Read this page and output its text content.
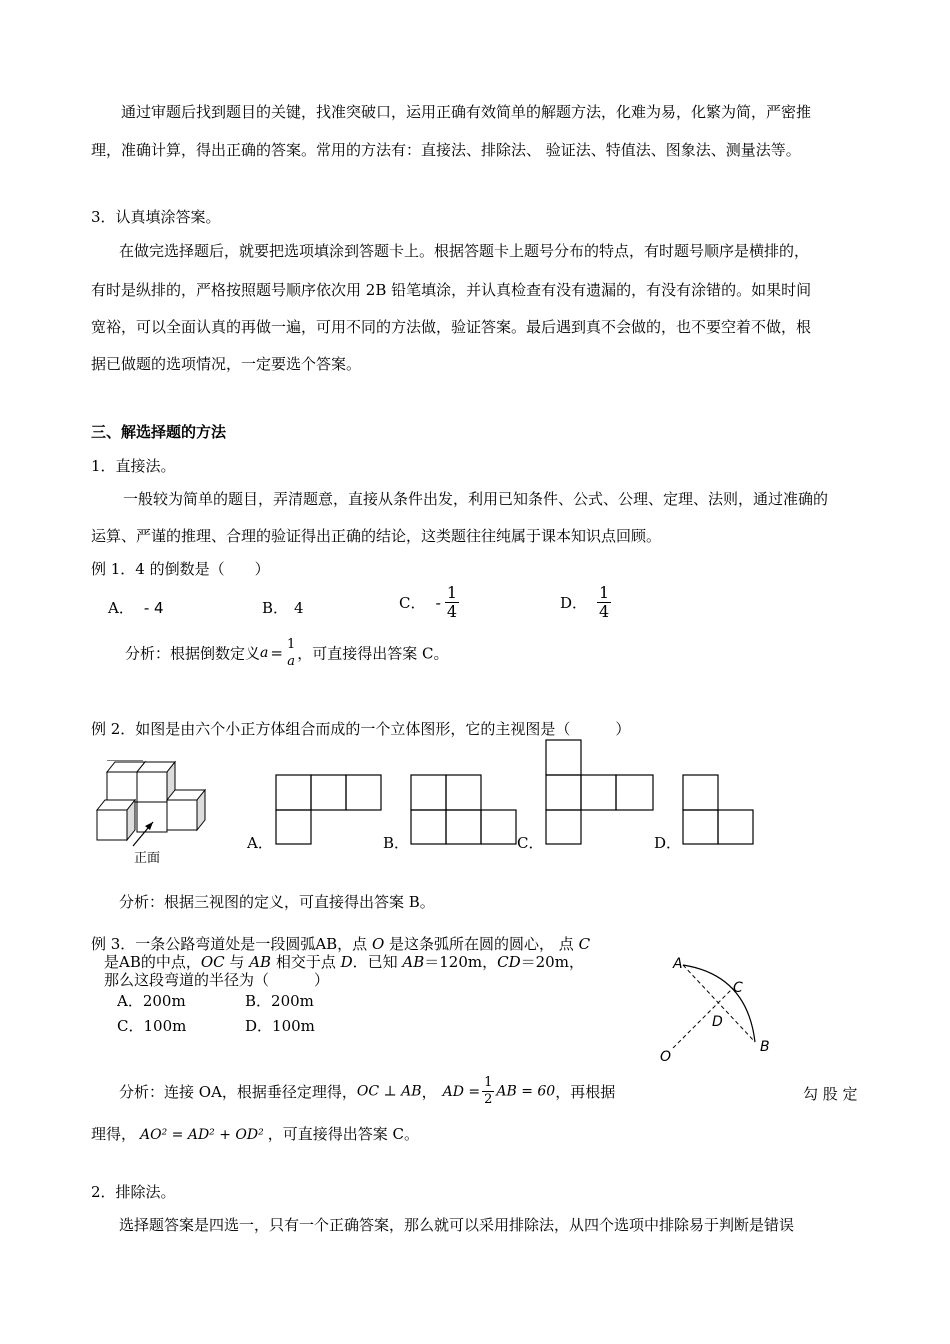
通过审题后找到题目的关键，找准突破口，运用正确有效简单的解题方法，化难为易，化繁为简，严密推
理，准确计算，得出正确的答案。常用的方法有：直接法、排除法、 验证法、特值法、图象法、测量法等。
3．认真填涂答案。
在做完选择题后，就要把选项填涂到答题卡上。根据答题卡上题号分布的特点，有时题号顺序是横排的，
有时是纵排的，严格按照题号顺序依次用 2B 铅笔填涂，并认真检查有没有遗漏的，有没有涂错的。如果时间
宽裕，可以全面认真的再做一遍，可用不同的方法做，验证答案。最后遇到真不会做的，也不要空着不做，根
据已做题的选项情况，一定要选个答案。
三、解选择题的方法
1．直接法。
一般较为简单的题目，弄清题意，直接从条件出发，利用已知条件、公式、公理、定理、法则，通过准确的
运算、严谨的推理、合理的验证得出正确的结论，这类题往往纯属于课本知识点回顾。
例 1．4 的倒数是（　　）
A． - 4	B． 4	C． - $\frac{1}{4}$	D． $\frac{1}{4}$
分析：根据倒数定义a = 1
a ，可直接得出答案 C。
例 2．如图是由六个小正方体组合而成的一个立体图形，它的主视图是（　　　）
正面
A．	B．	C．	D．
分析：根据三视图的定义，可直接得出答案 B。
例 3．一条公路弯道处是一段圆弧AB，点 O 是这条弧所在圆的圆心， 点 C
是AB的中点，OC 与 AB 相交于点 D．已知 AB＝120m，CD＝20m，
那么这段弯道的半径为（　　　）
A．200m	B．200m
C．100m	D．100m
A
C
D
O
B
分析：连接 OA，根据垂径定理得，OC ⊥ AB， AD = $\frac{1}{2}$ AB = 60，再根据	勾 股 定
理得， AO² = AD² + OD² ，可直接得出答案 C。
2．排除法。
选择题答案是四选一，只有一个正确答案，那么就可以采用排除法，从四个选项中排除易于判断是错误
